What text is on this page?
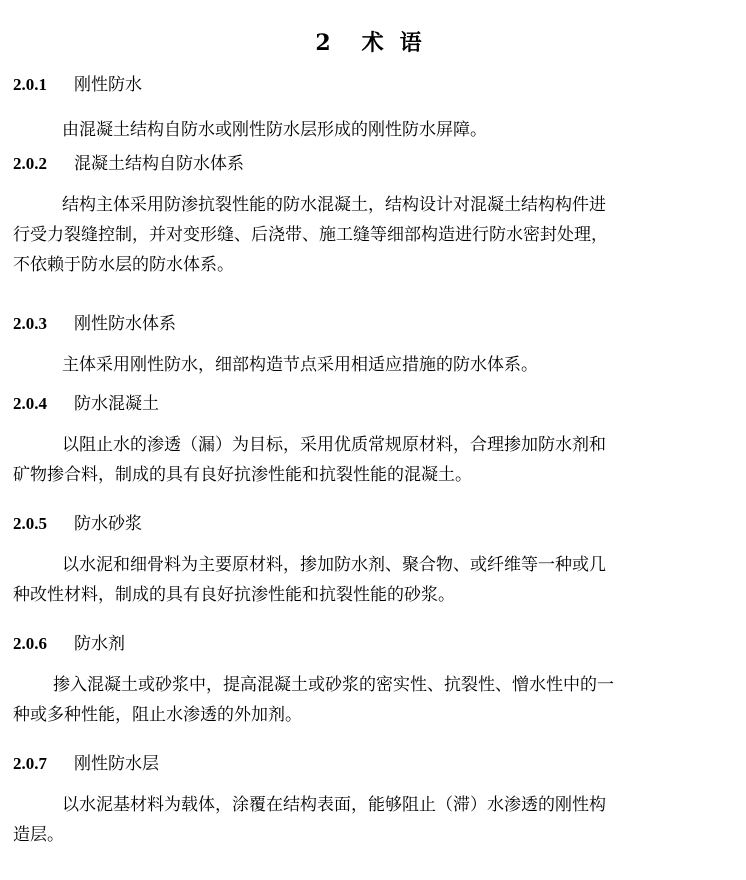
2 术 语
2.0.1 刚性防水
由混凝土结构自防水或刚性防水层形成的刚性防水屏障。
2.0.2 混凝土结构自防水体系
结构主体采用防渗抗裂性能的防水混凝土，结构设计对混凝土结构构件进
行受力裂缝控制，并对变形缝、后浇带、施工缝等细部构造进行防水密封处理，
不依赖于防水层的防水体系。
2.0.3 刚性防水体系
主体采用刚性防水，细部构造节点采用相适应措施的防水体系。
2.0.4 防水混凝土
以阻止水的渗透（漏）为目标，采用优质常规原材料，合理掺加防水剂和
矿物掺合料，制成的具有良好抗渗性能和抗裂性能的混凝土。
2.0.5 防水砂浆
以水泥和细骨料为主要原材料，掺加防水剂、聚合物、或纤维等一种或几
种改性材料，制成的具有良好抗渗性能和抗裂性能的砂浆。
2.0.6 防水剂
掺入混凝土或砂浆中，提高混凝土或砂浆的密实性、抗裂性、憎水性中的一
种或多种性能，阻止水渗透的外加剂。
2.0.7 刚性防水层
以水泥基材料为载体，涂覆在结构表面，能够阻止（滞）水渗透的刚性构
造层。
